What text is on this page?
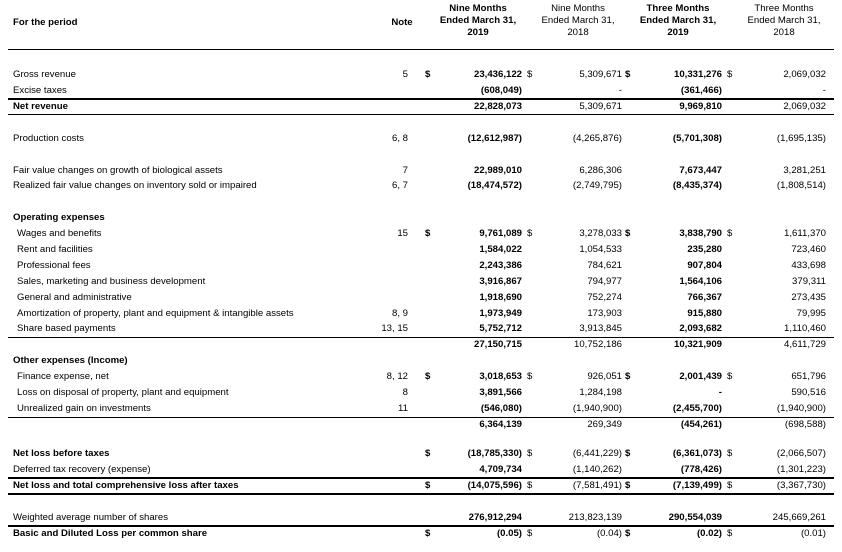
For the period	Note
Nine Months
Ended March 31,
2019
Nine Months
Ended March 31,
2018
Three Months
Ended March 31,
2019
Three Months
Ended March 31,
2018
Gross revenue	5 $	23,436,122 $	5,309,671 $	10,331,276 $	2,069,032
Excise taxes	(608,049)	-	(361,466)	-
Net revenue	22,828,073	5,309,671	9,969,810	2,069,032
Production costs	6, 8	(12,612,987)	(4,265,876)	(5,701,308)	(1,695,135)
Fair value changes on growth of biological assets	7	22,989,010	6,286,306	7,673,447	3,281,251
Realized fair value changes on inventory sold or impaired	6, 7	(18,474,572)	(2,749,795)	(8,435,374)	(1,808,514)
Operating expenses
Wages and benefits	15 $	9,761,089 $	3,278,033 $	3,838,790 $	1,611,370
Rent and facilities	1,584,022	1,054,533	235,280	723,460
Professional fees	2,243,386	784,621	907,804	433,698
Sales, marketing and business development	3,916,867	794,977	1,564,106	379,311
General and administrative	1,918,690	752,274	766,367	273,435
Amortization of property, plant and equipment & intangible assets	8, 9	1,973,949	173,903	915,880	79,995
Share based payments	13, 15	5,752,712	3,913,845	2,093,682	1,110,460
27,150,715	10,752,186	10,321,909	4,611,729
Other expenses (Income)
Finance expense, net	8, 12 $	3,018,653 $	926,051 $	2,001,439 $	651,796
Loss on disposal of property, plant and equipment	8	3,891,566	1,284,198	-	590,516
Unrealized gain on investments	11	(546,080)	(1,940,900)	(2,455,700)	(1,940,900)
6,364,139	269,349	(454,261)	(698,588)
Net loss before taxes	$	(18,785,330) $	(6,441,229) $	(6,361,073) $	(2,066,507)
Deferred tax recovery (expense)	4,709,734	(1,140,262)	(778,426)	(1,301,223)
Net loss and total comprehensive loss after taxes	$	(14,075,596) $	(7,581,491) $	(7,139,499) $	(3,367,730)
Weighted average number of shares	276,912,294	213,823,139	290,554,039	245,669,261
Basic and Diluted Loss per common share	$	(0.05) $	(0.04) $	(0.02) $	(0.01)
